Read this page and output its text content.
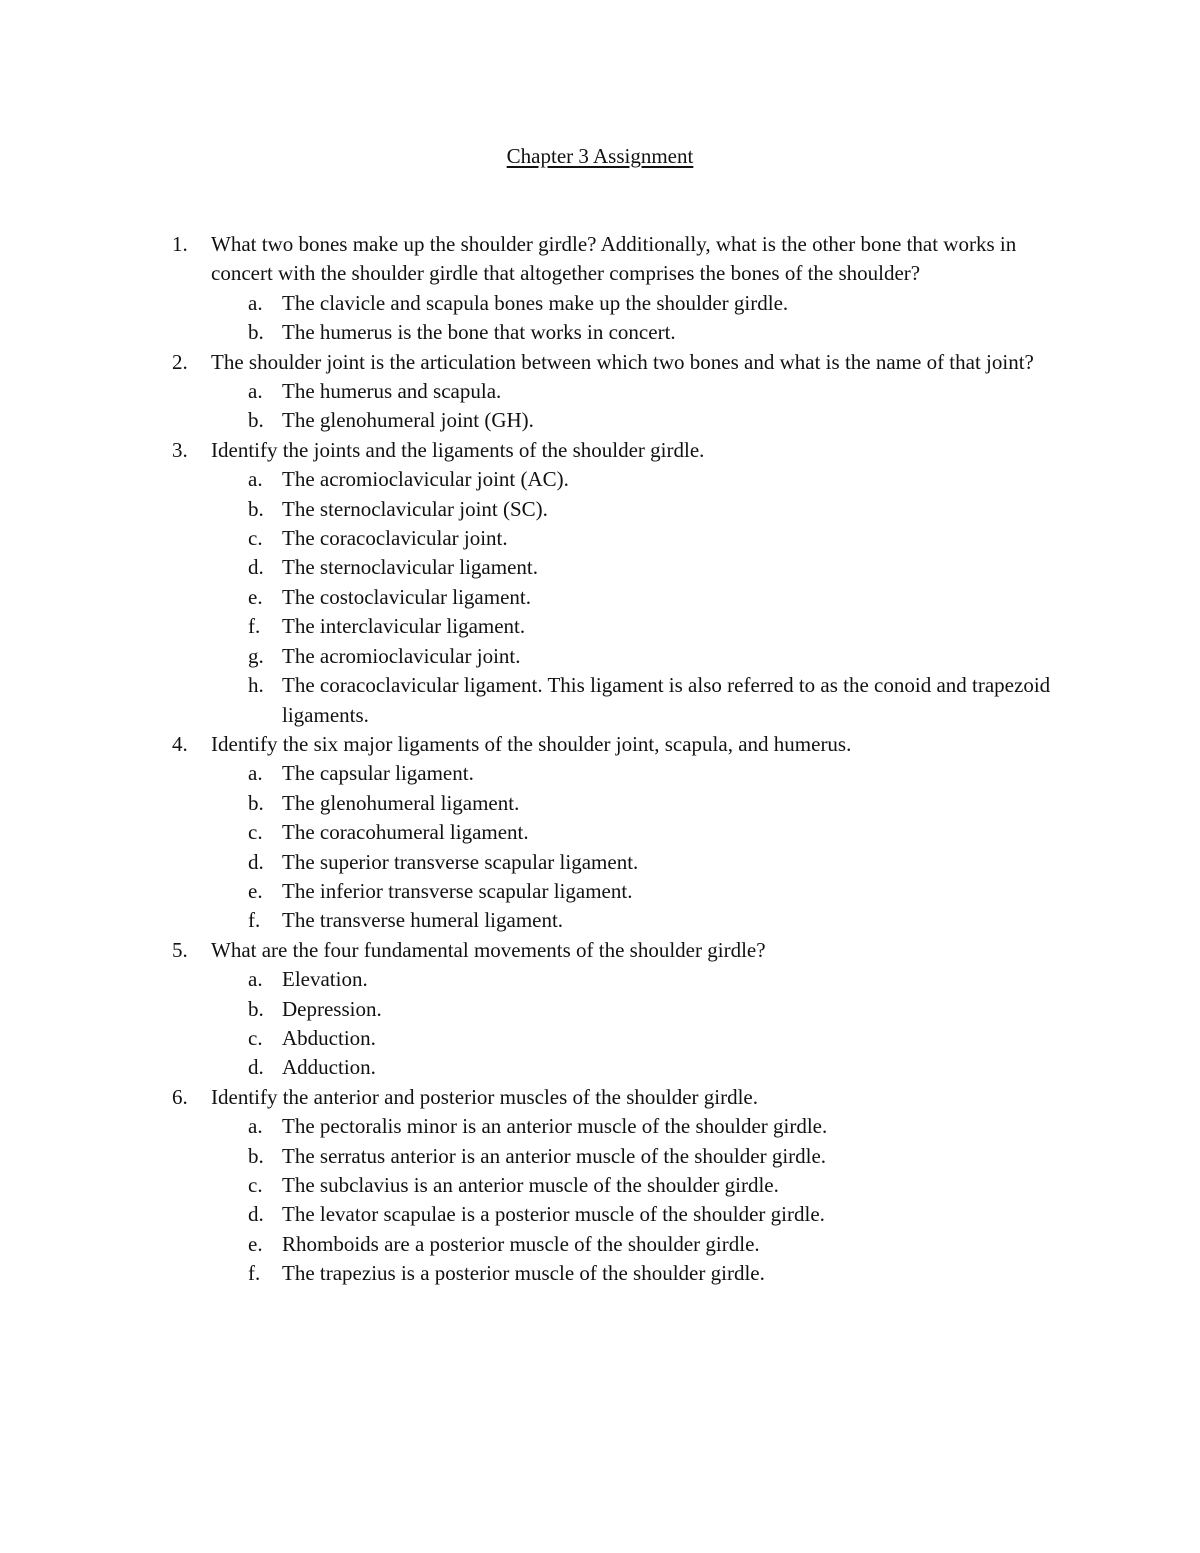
Chapter 3 Assignment
1. What two bones make up the shoulder girdle? Additionally, what is the other bone that works in concert with the shoulder girdle that altogether comprises the bones of the shoulder?
a. The clavicle and scapula bones make up the shoulder girdle.
b. The humerus is the bone that works in concert.
2. The shoulder joint is the articulation between which two bones and what is the name of that joint?
a. The humerus and scapula.
b. The glenohumeral joint (GH).
3. Identify the joints and the ligaments of the shoulder girdle.
a. The acromioclavicular joint (AC).
b. The sternoclavicular joint (SC).
c. The coracoclavicular joint.
d. The sternoclavicular ligament.
e. The costoclavicular ligament.
f. The interclavicular ligament.
g. The acromioclavicular joint.
h. The coracoclavicular ligament. This ligament is also referred to as the conoid and trapezoid ligaments.
4. Identify the six major ligaments of the shoulder joint, scapula, and humerus.
a. The capsular ligament.
b. The glenohumeral ligament.
c. The coracohumeral ligament.
d. The superior transverse scapular ligament.
e. The inferior transverse scapular ligament.
f. The transverse humeral ligament.
5. What are the four fundamental movements of the shoulder girdle?
a. Elevation.
b. Depression.
c. Abduction.
d. Adduction.
6. Identify the anterior and posterior muscles of the shoulder girdle.
a. The pectoralis minor is an anterior muscle of the shoulder girdle.
b. The serratus anterior is an anterior muscle of the shoulder girdle.
c. The subclavius is an anterior muscle of the shoulder girdle.
d. The levator scapulae is a posterior muscle of the shoulder girdle.
e. Rhomboids are a posterior muscle of the shoulder girdle.
f. The trapezius is a posterior muscle of the shoulder girdle.
